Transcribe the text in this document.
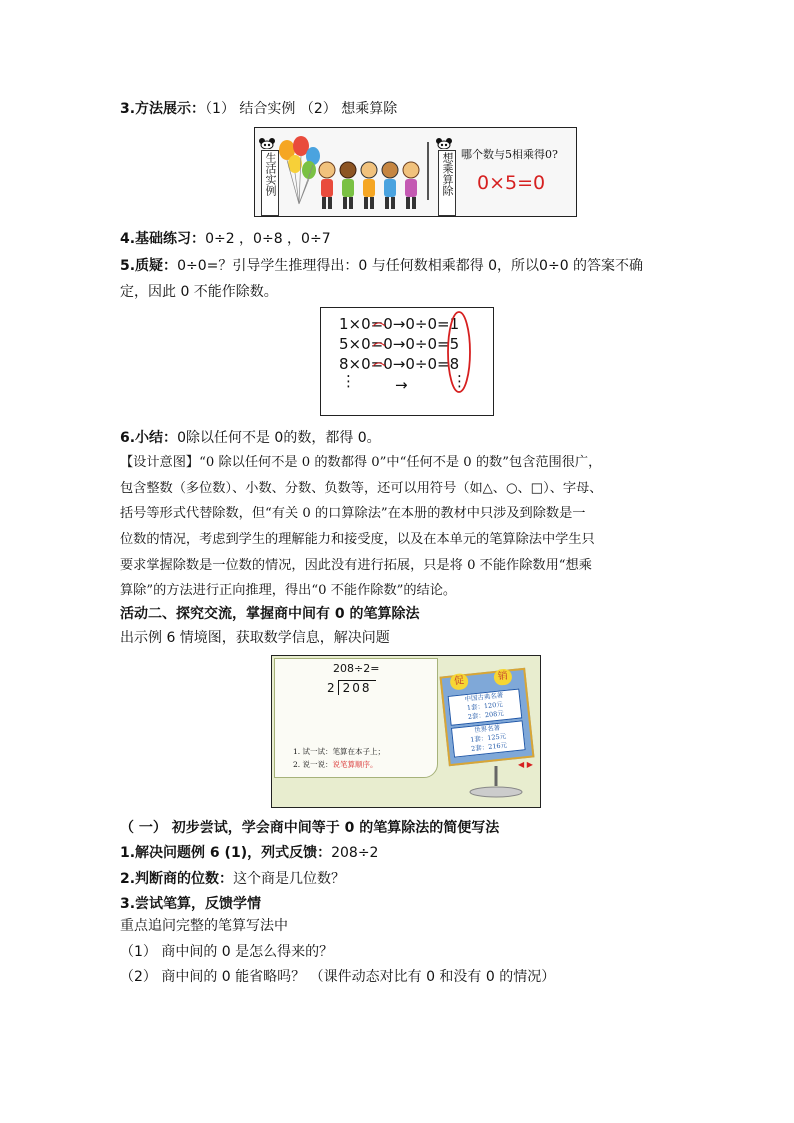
3.方法展示：（1） 结合实例 （2） 想乘算除
生活实例	想乘算除 哪个数与5相乘得0?
0×5=0
4.基础练习：0÷2 ，0÷8 ，0÷7
5.质疑：0÷0=？引导学生推理得出：0 与任何数相乘都得 0，所以0÷0 的答案不确
定，因此 0 不能作除数。
1×0=0→0÷0=1
5×0=0→0÷0=5
8×0=0→0÷0=8
⋮	→	⋮
6.小结：0除以任何不是 0的数，都得 0。
【设计意图】“0 除以任何不是 0 的数都得 0”中“任何不是 0 的数”包含范围很广，
包含整数（多位数）、小数、分数、负数等，还可以用符号（如△、○、□）、字母、
括号等形式代替除数，但“有关 0 的口算除法”在本册的教材中只涉及到除数是一
位数的情况，考虑到学生的理解能力和接受度，以及在本单元的笔算除法中学生只
要求掌握除数是一位数的情况，因此没有进行拓展，只是将 0 不能作除数用“想乘
算除”的方法进行正向推理，得出“0 不能作除数”的结论。
活动二、探究交流，掌握商中间有 0 的笔算除法
出示例 6 情境图，获取数学信息，解决问题
208÷2=
2 208
1. 试一试：笔算在本子上；
2. 说一说：说笔算顺序。
促	销
中国古典名著
1套：120元
2套：208元
世界名著
1套：125元
2套：216元
◀ ▶
（ 一） 初步尝试，学会商中间等于 0 的笔算除法的简便写法
1.解决问题例 6 (1)，列式反馈：208÷2
2.判断商的位数：这个商是几位数？
3.尝试笔算，反馈学情
重点追问完整的笔算写法中
（1） 商中间的 0 是怎么得来的？
（2） 商中间的 0 能省略吗？ （课件动态对比有 0 和没有 0 的情况）
